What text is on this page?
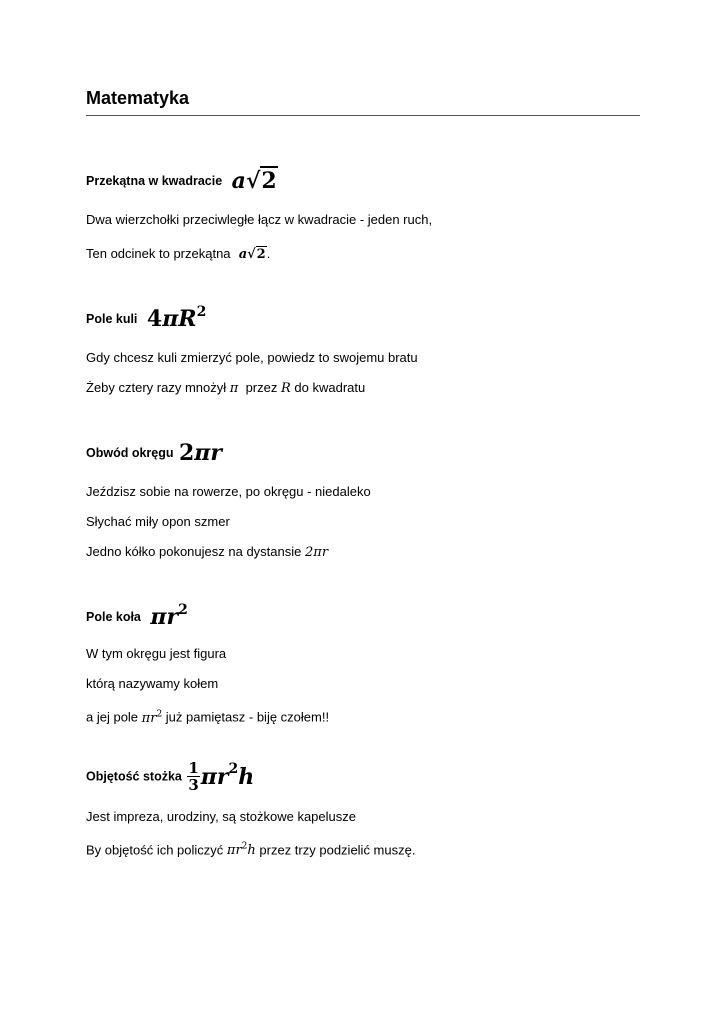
Matematyka
Przekątna w kwadracie a√2
Dwa wierzchołki przeciwległe łącz w kwadracie - jeden ruch,
Ten odcinek to przekątna  a√2.
Pole kuli $4\pi R^2$
Gdy chcesz kuli zmierzyć pole, powiedz to swojemu bratu
Żeby cztery razy mnożył π przez R do kwadratu
Obwód okręgu 2πr
Jeździsz sobie na rowerze, po okręgu - niedaleko
Słychać miły opon szmer
Jedno kółko pokonujesz na dystansie 2πr
Pole koła $\pi r^2$
W tym okręgu jest figura
którą nazywamy kołem
a jej pole $\pi r^2$ już pamiętasz - biję czołem!!
Objętość stożka $\frac{1}{3} \pi r^2h$
Jest impreza, urodziny, są stożkowe kapelusze
By objętość ich policzyć $\pi r^2h$ przez trzy podzielić muszę.
